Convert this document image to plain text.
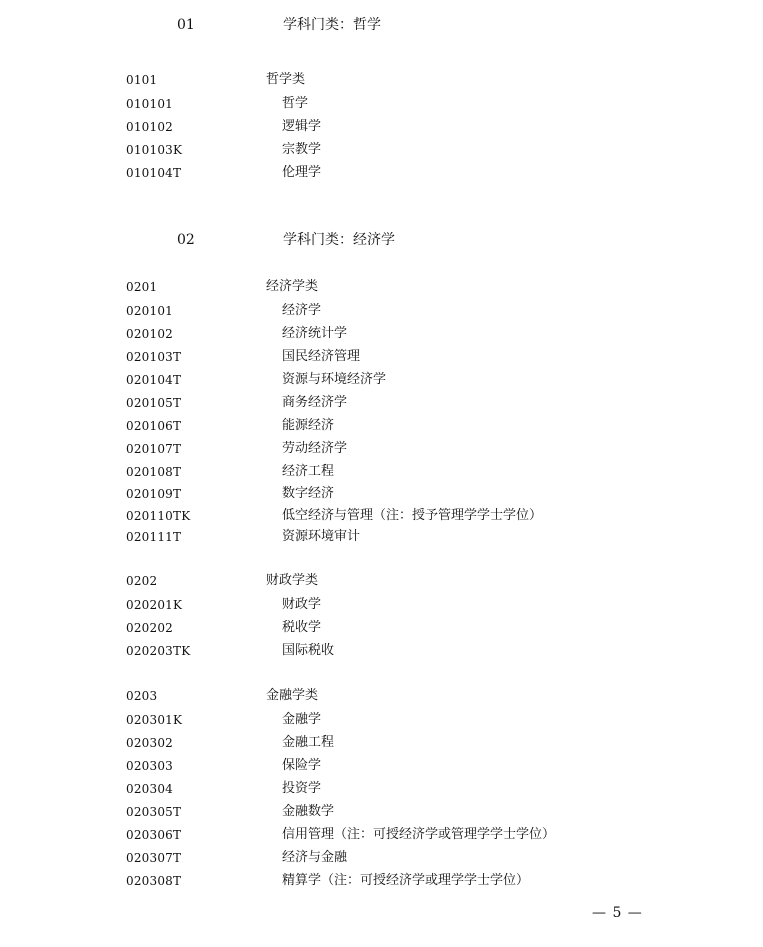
01	学科门类：哲学
0101	哲学类
010101	哲学
010102	逻辑学
010103K	宗教学
010104T	伦理学
02	学科门类：经济学
0201	经济学类
020101	经济学
020102	经济统计学
020103T	国民经济管理
020104T	资源与环境经济学
020105T	商务经济学
020106T	能源经济
020107T	劳动经济学
020108T	经济工程
020109T	数字经济
020110TK	低空经济与管理（注：授予管理学学士学位）
020111T	资源环境审计
0202	财政学类
020201K	财政学
020202	税收学
020203TK	国际税收
0203	金融学类
020301K	金融学
020302	金融工程
020303	保险学
020304	投资学
020305T	金融数学
020306T	信用管理（注：可授经济学或管理学学士学位）
020307T	经济与金融
020308T	精算学（注：可授经济学或理学学士学位）
— 5 —
